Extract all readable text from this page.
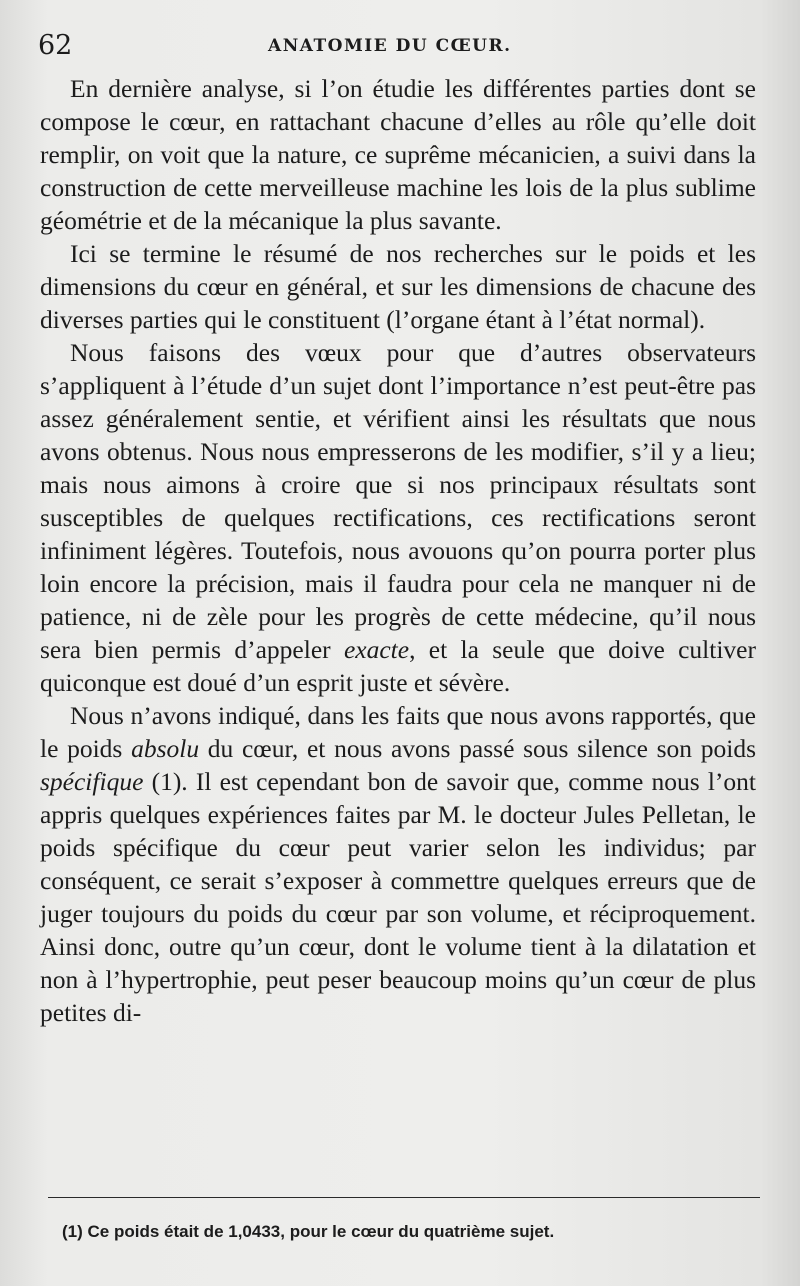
62	ANATOMIE DU CŒUR.

En dernière analyse, si l’on étudie les différentes parties dont se compose le cœur, en rattachant chacune d’elles au rôle qu’elle doit remplir, on voit que la nature, ce suprême mécanicien, a suivi dans la construction de cette merveilleuse machine les lois de la plus sublime géométrie et de la mécanique la plus savante.

Ici se termine le résumé de nos recherches sur le poids et les dimensions du cœur en général, et sur les dimensions de chacune des diverses parties qui le constituent (l’organe étant à l’état normal).

Nous faisons des vœux pour que d’autres observateurs s’appliquent à l’étude d’un sujet dont l’importance n’est peut-être pas assez généralement sentie, et vérifient ainsi les résultats que nous avons obtenus. Nous nous empresserons de les modifier, s’il y a lieu; mais nous aimons à croire que si nos principaux résultats sont susceptibles de quelques rectifications, ces rectifications seront infiniment légères. Toutefois, nous avouons qu’on pourra porter plus loin encore la précision, mais il faudra pour cela ne manquer ni de patience, ni de zèle pour les progrès de cette médecine, qu’il nous sera bien permis d’appeler exacte, et la seule que doive cultiver quiconque est doué d’un esprit juste et sévère.

Nous n’avons indiqué, dans les faits que nous avons rapportés, que le poids absolu du cœur, et nous avons passé sous silence son poids spécifique (1). Il est cependant bon de savoir que, comme nous l’ont appris quelques expériences faites par M. le docteur Jules Pelletan, le poids spécifique du cœur peut varier selon les individus; par conséquent, ce serait s’exposer à commettre quelques erreurs que de juger toujours du poids du cœur par son volume, et réciproquement. Ainsi donc, outre qu’un cœur, dont le volume tient à la dilatation et non à l’hypertrophie, peut peser beaucoup moins qu’un cœur de plus petites di-

(1) Ce poids était de 1,0433, pour le cœur du quatrième sujet.
